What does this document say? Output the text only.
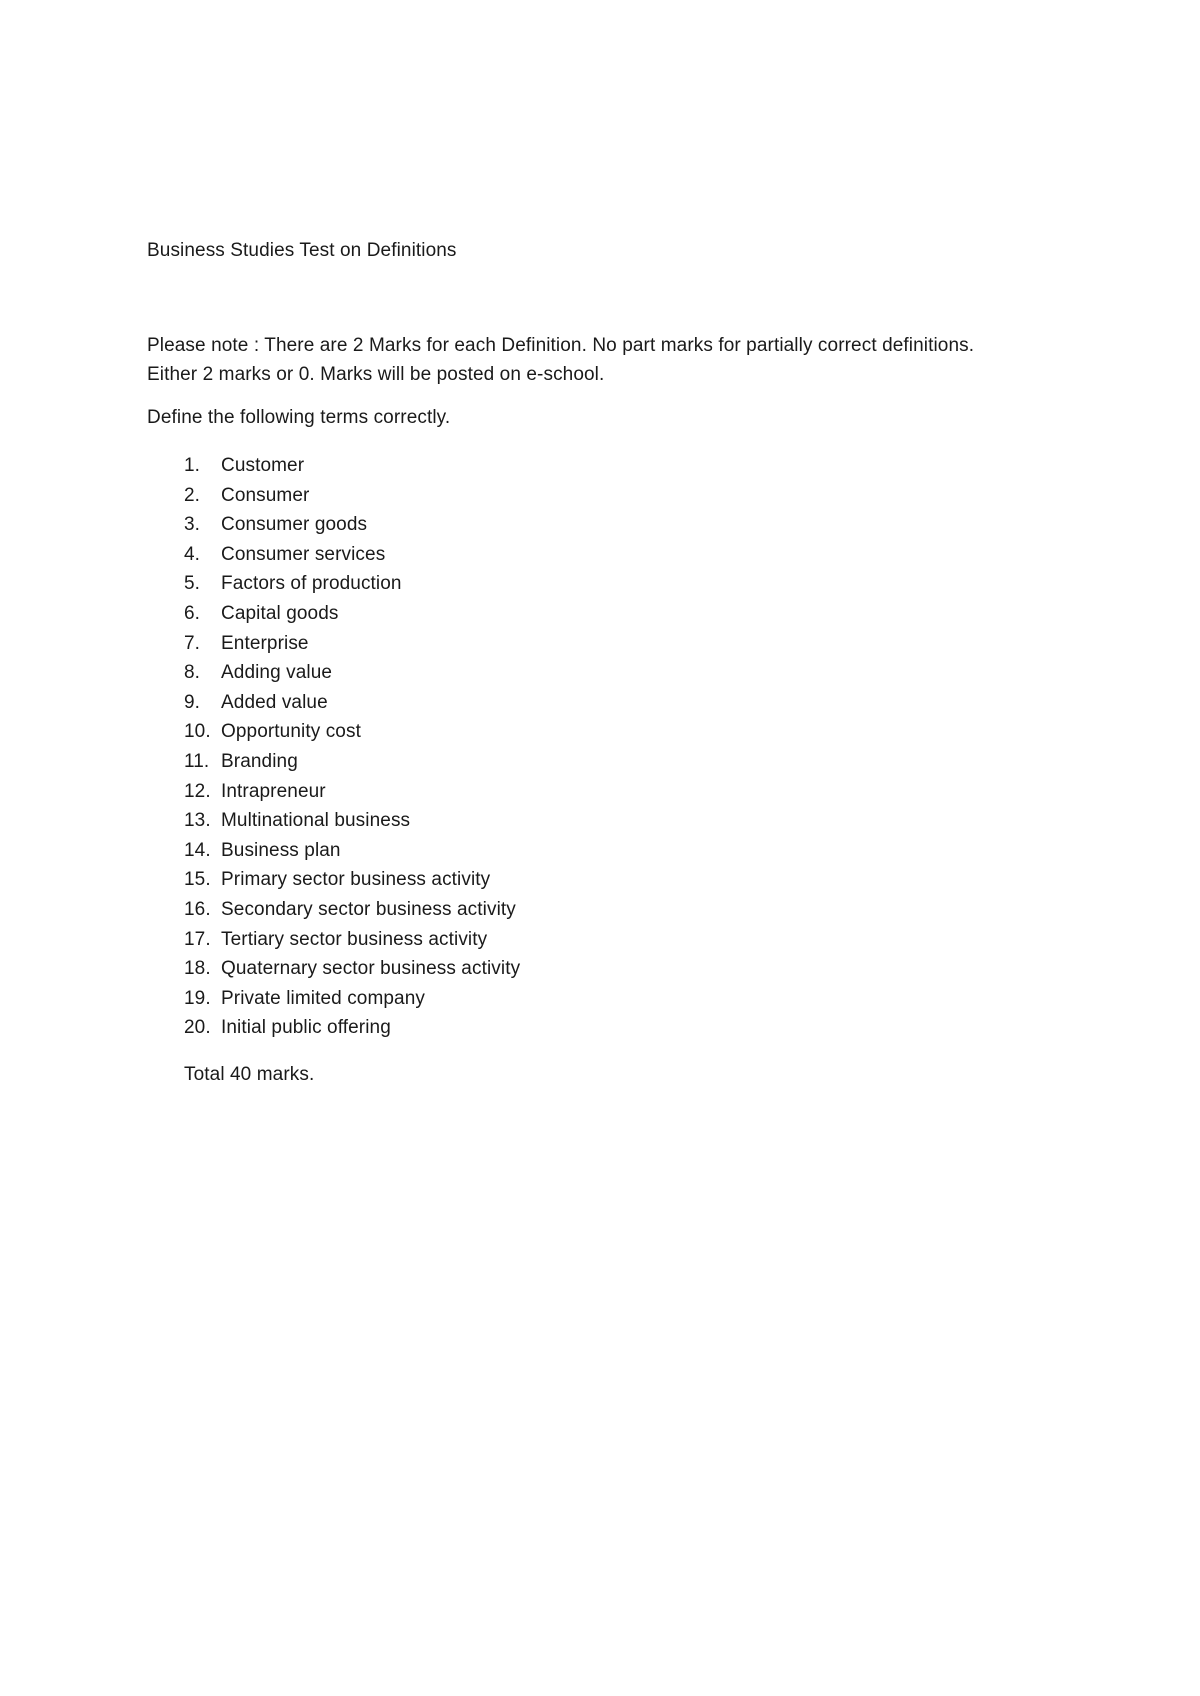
Business Studies Test on Definitions
Please note : There are 2 Marks for each Definition. No part marks for partially correct definitions.
Either 2 marks or 0. Marks will be posted on e-school.
Define the following terms correctly.
1.	Customer
2.	Consumer
3.	Consumer goods
4.	Consumer services
5.	Factors of production
6.	Capital goods
7.	Enterprise
8.	Adding value
9.	Added value
10. Opportunity cost
11. Branding
12. Intrapreneur
13. Multinational business
14. Business plan
15. Primary sector business activity
16. Secondary sector business activity
17. Tertiary sector business activity
18. Quaternary sector business activity
19. Private limited company
20. Initial public offering
Total 40 marks.
